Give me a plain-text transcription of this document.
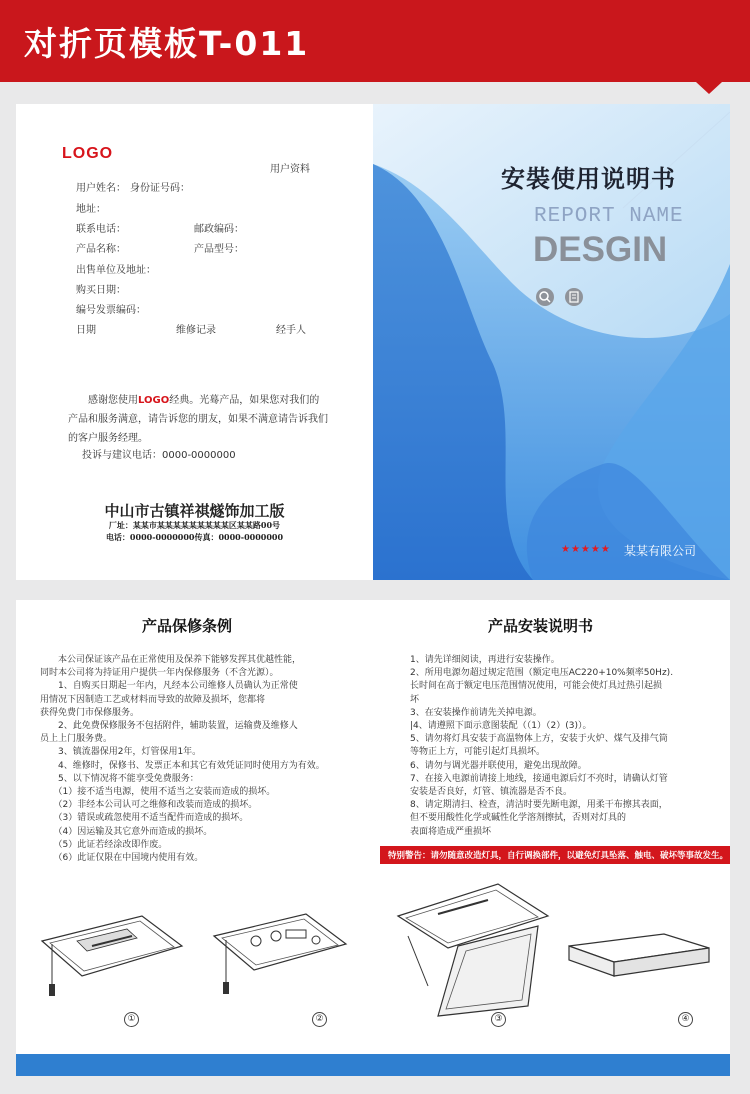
对折页模板T-011
LOGO
用户资料
用户姓名： 身份证号码：
地址：
联系电话：	邮政编码：
产品名称：	产品型号：
出售单位及地址：
购买日期：
编号发票编码：
日期	维修记录	经手人
感谢您使用LOGO经典。光蓦产品，如果您对我们的产品和服务满意，请告诉您的朋友，如果不满意请告诉我们的客户服务经理。
投诉与建议电话：0000-0000000
中山市古镇祥祺燧饰加工版
厂址：某某市某某某某某某某某某区某某路00号
电话：0000-0000000传真：0000-0000000
安裝使用说明书
REPORT NAME
DESGIN
★★★★★ 某某有限公司
产品保修条例
　　本公司保证该产品在正常使用及保养下能够发挥其优越性能，
同时本公司将为持证用户提供一年内保修服务（不含光源）。
　　1、自购买日期起一年内，凡经本公司维修人员确认为正常使
用情况下因制造工艺或材料而导致的故障及损坏，您都将
获得免费门市保修服务。
　　2、此免费保修服务不包括附件，辅助装置，运输费及维修人
员上上门服务费。
　　3、镇流器保用2年，灯管保用1年。
　　4、维修时，保修书、发票正本和其它有效凭证同时使用方为有效。
　　5、以下情况将不能享受免费服务：
　　（1）接不适当电源，使用不适当之安装而造成的损坏。
　　（2）非经本公司认可之维修和改装而造成的损坏。
　　（3）错误或疏忽使用不适当配件而造成的损坏。
　　（4）因运输及其它意外而造成的损坏。
　　（5）此证若经涂改即作废。
　　（6）此证仅限在中国境内使用有效。
产品安装说明书
1、请先详细阅读，再进行安装操作。
2、所用电源勿超过规定范围（额定电压AC220+10%频率50Hz).
长时间在高于额定电压范围情况使用，可能会使灯具过热引起损
坏
3、在安装操作前请先关掉电源。
|4、请遵照下面示意图装配（（1）（2）(3)）。
5、请勿将灯具安装于高温物体上方，安装于火炉、煤气及排气筒
等物正上方，可能引起灯具损坏。
6、请勿与调光器并联使用，避免出现故障。
7、在接入电源前请接上地线，接通电源后灯不亮时，请确认灯管
安装是否良好，灯管、镇流器是否不良。
8、请定期清扫、检查，清洁时要先断电源，用柔干布擦其表面，
但不要用酸性化学或碱性化学溶剂擦拭，否则对灯具的
表面将造成严重损坏
特别警告：请勿随意改造灯具，自行调换部件，以避免灯具坠落、触电、破坏等事故发生。
①	②	③	④
